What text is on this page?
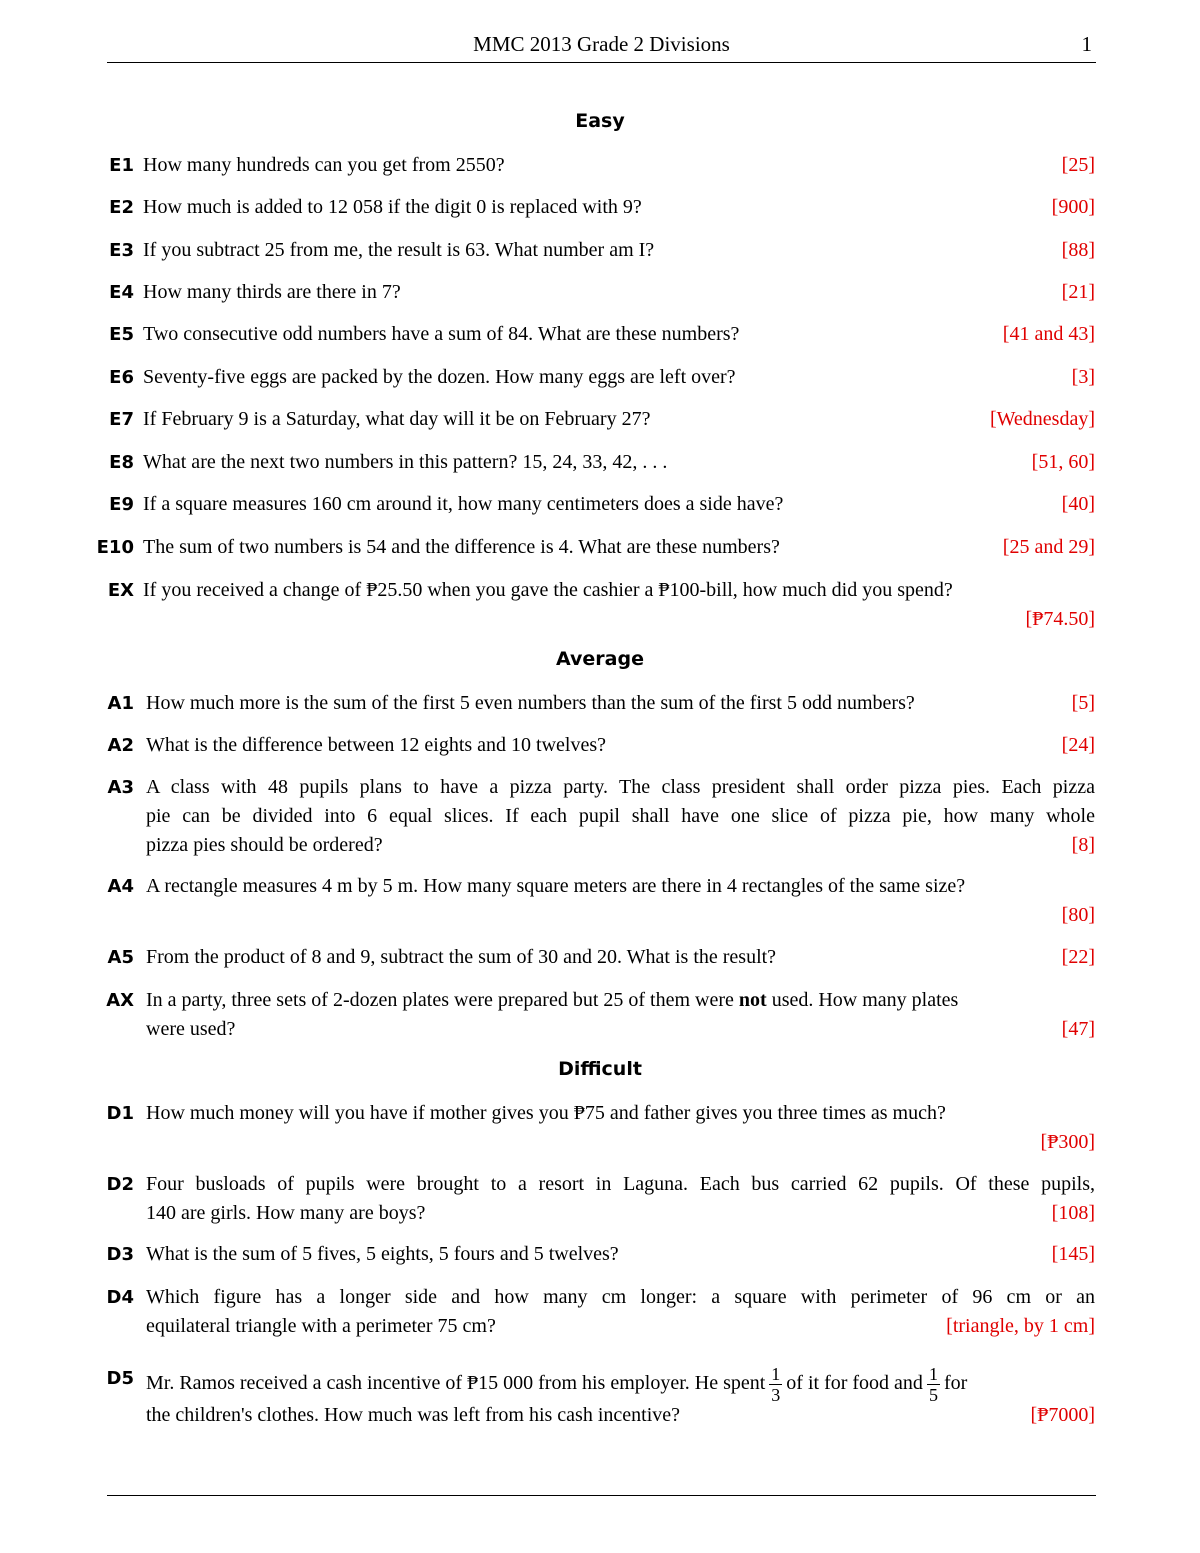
MMC 2013 Grade 2 Divisions	1
Easy
E1 How many hundreds can you get from 2550?	[25]
E2 How much is added to 12 058 if the digit 0 is replaced with 9?	[900]
E3 If you subtract 25 from me, the result is 63. What number am I?	[88]
E4 How many thirds are there in 7?	[21]
E5 Two consecutive odd numbers have a sum of 84. What are these numbers?	[41 and 43]
E6 Seventy-five eggs are packed by the dozen. How many eggs are left over?	[3]
E7 If February 9 is a Saturday, what day will it be on February 27?	[Wednesday]
E8 What are the next two numbers in this pattern? 15, 24, 33, 42, . . .	[51, 60]
E9 If a square measures 160 cm around it, how many centimeters does a side have?	[40]
E10 The sum of two numbers is 54 and the difference is 4. What are these numbers?	[25 and 29]
EX If you received a change of ₱25.50 when you gave the cashier a ₱100-bill, how much did you spend?
[₱74.50]
Average
A1 How much more is the sum of the first 5 even numbers than the sum of the first 5 odd numbers?	[5]
A2 What is the difference between 12 eights and 10 twelves?	[24]
A3 A class with 48 pupils plans to have a pizza party. The class president shall order pizza pies. Each pizza
pie can be divided into 6 equal slices. If each pupil shall have one slice of pizza pie, how many whole
pizza pies should be ordered?	[8]
A4 A rectangle measures 4 m by 5 m. How many square meters are there in 4 rectangles of the same size?
[80]
A5 From the product of 8 and 9, subtract the sum of 30 and 20. What is the result?	[22]
AX In a party, three sets of 2-dozen plates were prepared but 25 of them were not used. How many plates
were used?	[47]
Difficult
D1 How much money will you have if mother gives you ₱75 and father gives you three times as much?
[₱300]
D2 Four busloads of pupils were brought to a resort in Laguna. Each bus carried 62 pupils. Of these pupils,
140 are girls. How many are boys?	[108]
D3 What is the sum of 5 fives, 5 eights, 5 fours and 5 twelves?	[145]
D4 Which figure has a longer side and how many cm longer: a square with perimeter of 96 cm or an
equilateral triangle with a perimeter 75 cm?	[triangle, by 1 cm]
D5 Mr. Ramos received a cash incentive of ₱15 000 from his employer. He spent $\frac{1}{3}$ of it for food and $\frac{1}{5}$ for
the children's clothes. How much was left from his cash incentive?	[₱7000]
